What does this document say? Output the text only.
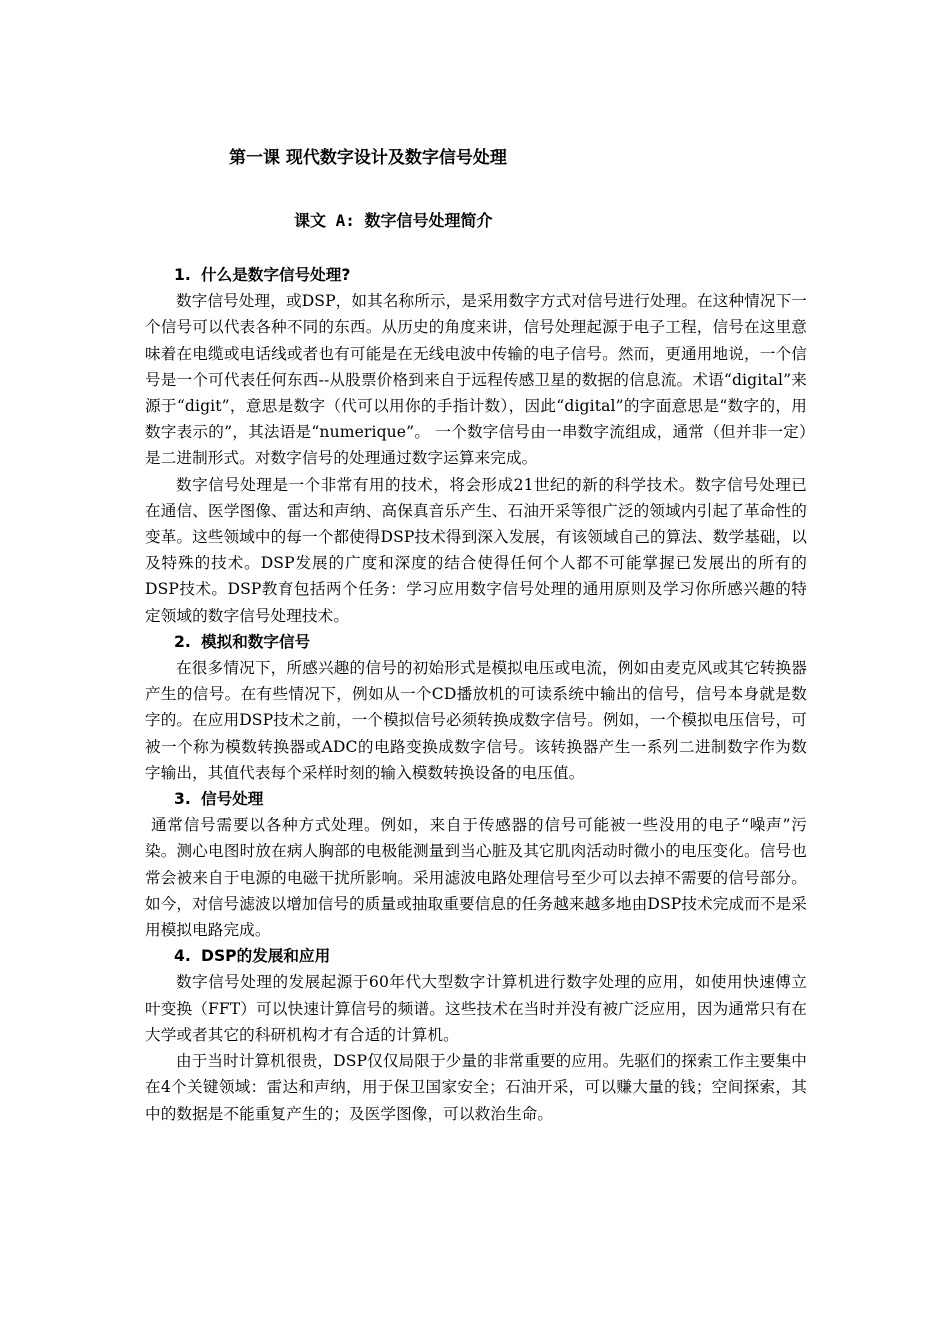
第一课 现代数字设计及数字信号处理
课文 A: 数字信号处理简介
1. 什么是数字信号处理?

数字信号处理，或DSP，如其名称所示，是采用数字方式对信号进行处理。在这种情况下一个信号可以代表各种不同的东西。从历史的角度来讲，信号处理起源于电子工程，信号在这里意味着在电缆或电话线或者也有可能是在无线电波中传输的电子信号。然而，更通用地说，一个信号是一个可代表任何东西--从股票价格到来自于远程传感卫星的数据的信息流。术语“digital”来源于“digit”，意思是数字（代可以用你的手指计数），因此“digital”的字面意思是“数字的，用数字表示的”，其法语是“numerique”。 一个数字信号由一串数字流组成，通常（但并非一定）是二进制形式。对数字信号的处理通过数字运算来完成。

数字信号处理是一个非常有用的技术，将会形成21世纪的新的科学技术。数字信号处理已在通信、医学图像、雷达和声纳、高保真音乐产生、石油开采等很广泛的领域内引起了革命性的变革。这些领域中的每一个都使得DSP技术得到深入发展，有该领域自己的算法、数学基础，以及特殊的技术。DSP发展的广度和深度的结合使得任何个人都不可能掌握已发展出的所有的DSP技术。DSP教育包括两个任务：学习应用数字信号处理的通用原则及学习你所感兴趣的特定领域的数字信号处理技术。

2. 模拟和数字信号

在很多情况下，所感兴趣的信号的初始形式是模拟电压或电流，例如由麦克风或其它转换器产生的信号。在有些情况下，例如从一个CD播放机的可读系统中输出的信号，信号本身就是数字的。在应用DSP技术之前，一个模拟信号必须转换成数字信号。例如，一个模拟电压信号，可被一个称为模数转换器或ADC的电路变换成数字信号。该转换器产生一系列二进制数字作为数字输出，其值代表每个采样时刻的输入模数转换设备的电压值。

3. 信号处理

通常信号需要以各种方式处理。例如，来自于传感器的信号可能被一些没用的电子“噪声”污染。测心电图时放在病人胸部的电极能测量到当心脏及其它肌肉活动时微小的电压变化。信号也常会被来自于电源的电磁干扰所影响。采用滤波电路处理信号至少可以去掉不需要的信号部分。如今，对信号滤波以增加信号的质量或抽取重要信息的任务越来越多地由DSP技术完成而不是采用模拟电路完成。

4. DSP的发展和应用

数字信号处理的发展起源于60年代大型数字计算机进行数字处理的应用，如使用快速傅立叶变换（FFT）可以快速计算信号的频谱。这些技术在当时并没有被广泛应用，因为通常只有在大学或者其它的科研机构才有合适的计算机。

由于当时计算机很贵，DSP仅仅局限于少量的非常重要的应用。先驱们的探索工作主要集中在4个关键领域：雷达和声纳，用于保卫国家安全；石油开采，可以赚大量的钱；空间探索，其中的数据是不能重复产生的；及医学图像，可以救治生命。
